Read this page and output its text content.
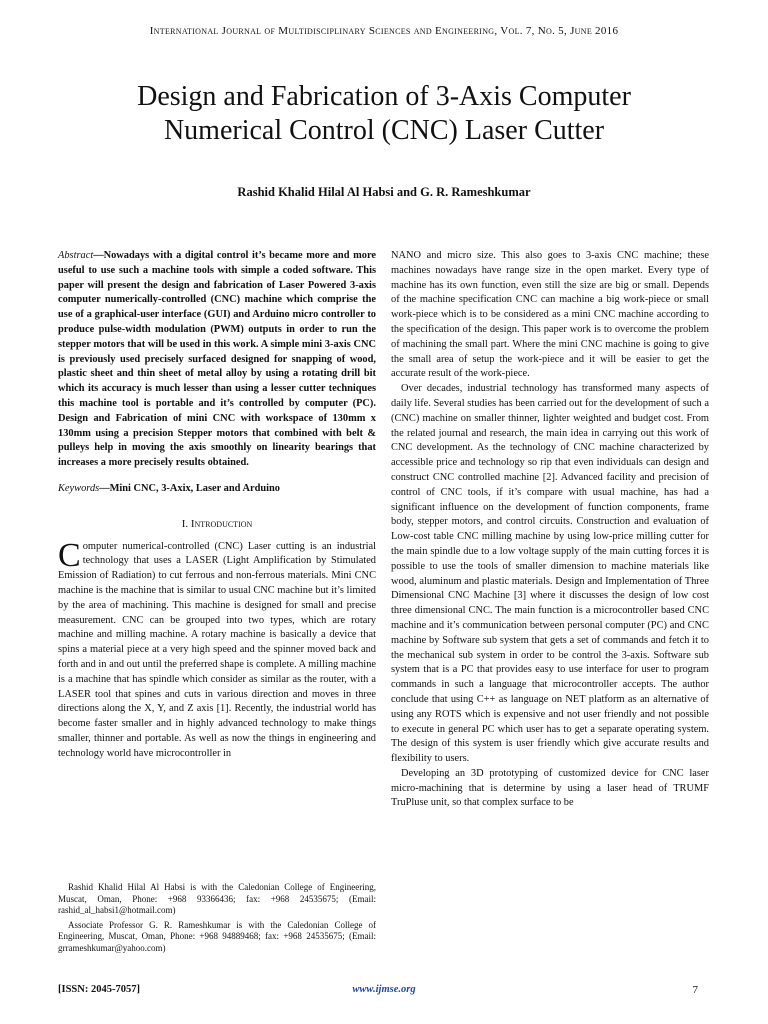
International Journal of Multidisciplinary Sciences and Engineering, Vol. 7, No. 5, June 2016
Design and Fabrication of 3-Axis Computer
Numerical Control (CNC) Laser Cutter
Rashid Khalid Hilal Al Habsi and G. R. Rameshkumar
Abstract—Nowadays with a digital control it’s became more and more useful to use such a machine tools with simple a coded software. This paper will present the design and fabrication of Laser Powered 3-axis computer numerically-controlled (CNC) machine which comprise the use of a graphical-user interface (GUI) and Arduino micro controller to produce pulse-width modulation (PWM) outputs in order to run the stepper motors that will be used in this work. A simple mini 3-axis CNC is previously used precisely surfaced designed for snapping of wood, plastic sheet and thin sheet of metal alloy by using a rotating drill bit which its accuracy is much lesser than using a lesser cutter techniques this machine tool is portable and it’s controlled by computer (PC). Design and Fabrication of mini CNC with workspace of 130mm x 130mm using a precision Stepper motors that combined with belt & pulleys help in moving the axis smoothly on linearity bearings that increases a more precisely results obtained.
Keywords—Mini CNC, 3-Axix, Laser and Arduino
I. Introduction

Computer numerical-controlled (CNC) Laser cutting is an industrial technology that uses a LASER (Light Amplification by Stimulated Emission of Radiation) to cut ferrous and non-ferrous materials. Mini CNC machine is the machine that is similar to usual CNC machine but it’s limited by the area of machining. This machine is designed for small and precise measurement. CNC can be grouped into two types, which are rotary machine and milling machine. A rotary machine is basically a device that spins a material piece at a very high speed and the spinner moved back and forth and in and out until the preferred shape is complete. A milling machine is a machine that has spindle which consider as similar as the router, with a LASER tool that spines and cuts in various direction and moves in three directions along the X, Y, and Z axis [1]. Recently, the industrial world has become faster smaller and in highly advanced technology to make things smaller, thinner and portable. As well as now the things in engineering and technology world have microcontroller in

NANO and micro size. This also goes to 3-axis CNC machine; these machines nowadays have range size in the open market. Every type of machine has its own function, even still the size are big or small. Depends of the machine specification CNC can machine a big work-piece or small work-piece which is to be considered as a mini CNC machine according to the specification of the design. This paper work is to overcome the problem of machining the small part. Where the mini CNC machine is going to give the small area of setup the work-piece and it will be easier to get the accurate result of the work-piece.

Over decades, industrial technology has transformed many aspects of daily life. Several studies has been carried out for the development of such a (CNC) machine on smaller thinner, lighter weighted and budget cost. From the related journal and research, the main idea in carrying out this work of CNC development. As the technology of CNC machine characterized by accessible price and technology so rip that even individuals can design and construct CNC controlled machine [2]. Advanced facility and precision of control of CNC tools, if it’s compare with usual machine, has had a significant influence on the development of function components, frame body, stepper motors, and control circuits. Construction and evaluation of Low-cost table CNC milling machine by using low-price milling cutter for the main spindle due to a low voltage supply of the main cutting forces it is possible to use the tools of smaller dimension to machine materials like wood, aluminum and plastic materials. Design and Implementation of Three Dimensional CNC Machine [3] where it discusses the design of low cost three dimensional CNC. The main function is a microcontroller based CNC machine and it’s communication between personal computer (PC) and CNC machine by Software sub system that gets a set of commands and fetch it to the mechanical sub system in order to be control the 3-axis. Software sub system that is a PC that provides easy to use interface for user to program commands in such a language that microcontroller accepts. The author conclude that using C++ as language on NET platform as an alternative of using any ROTS which is expensive and not user friendly and not possible to execute in general PC which user has to get a separate operating system. The design of this system is user friendly which give accurate results and flexibility to users.

Developing an 3D prototyping of customized device for CNC laser micro-machining that is determine by using a laser head of TRUMF TruPluse unit, so that complex surface to be

Rashid Khalid Hilal Al Habsi is with the Caledonian College of Engineering, Muscat, Oman, Phone: +968 93366436; fax: +968 24535675; (Email: rashid_al_habsi1@hotmail.com)

Associate Professor G. R. Rameshkumar is with the Caledonian College of Engineering, Muscat, Oman, Phone: +968 94889468; fax: +968 24535675; (Email: grrameshkumar@yahoo.com)

[ISSN: 2045-7057]	www.ijmse.org	7
